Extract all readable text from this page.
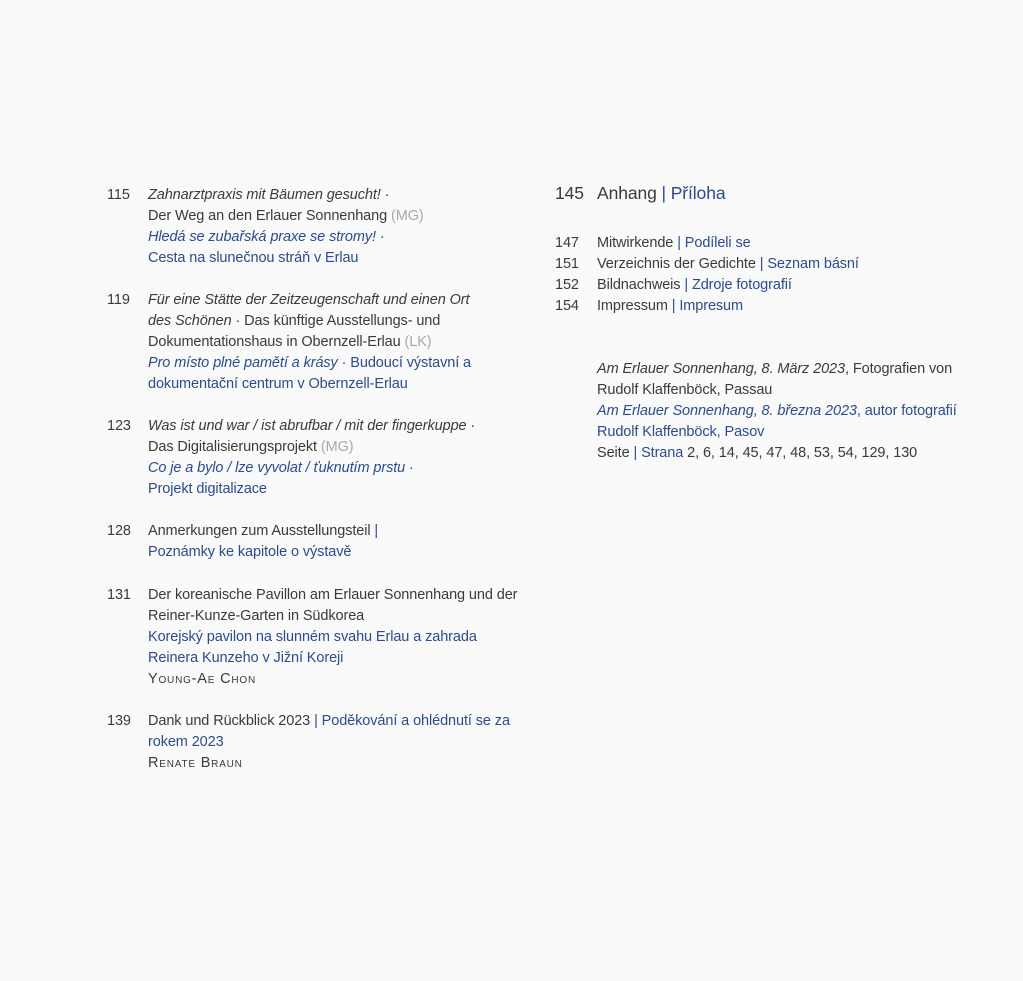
115	Zahnarztpraxis mit Bäumen gesucht! ·
Der Weg an den Erlauer Sonnenhang (MG)
Hledá se zubařská praxe se stromy! ·
Cesta na slunečnou stráň v Erlau
119	Für eine Stätte der Zeitzeugenschaft und einen Ort
des Schönen · Das künftige Ausstellungs- und
Dokumentationshaus in Obernzell-Erlau (LK)
Pro místo plné pamětí a krásy · Budoucí výstavní a
dokumentační centrum v Obernzell-Erlau
123	Was ist und war / ist abrufbar / mit der fingerkuppe ·
Das Digitalisierungsprojekt (MG)
Co je a bylo / lze vyvolat / ťuknutím prstu ·
Projekt digitalizace
128	Anmerkungen zum Ausstellungsteil |
Poznámky ke kapitole o výstavě
131	Der koreanische Pavillon am Erlauer Sonnenhang und der
Reiner-Kunze-Garten in Südkorea
Korejský pavilon na slunném svahu Erlau a zahrada
Reinera Kunzeho v Jižní Koreji
Young-Ae Chon
139	Dank und Rückblick 2023 | Poděkování a ohlédnutí se za
rokem 2023
Renate Braun
145 Anhang | Příloha
147	Mitwirkende | Podíleli se
151	Verzeichnis der Gedichte | Seznam básní
152	Bildnachweis | Zdroje fotografií
154	Impressum | Impresum
Am Erlauer Sonnenhang, 8. März 2023, Fotografien von
Rudolf Klaffenböck, Passau
Am Erlauer Sonnenhang, 8. března 2023, autor fotografií
Rudolf Klaffenböck, Pasov
Seite | Strana 2, 6, 14, 45, 47, 48, 53, 54, 129, 130
